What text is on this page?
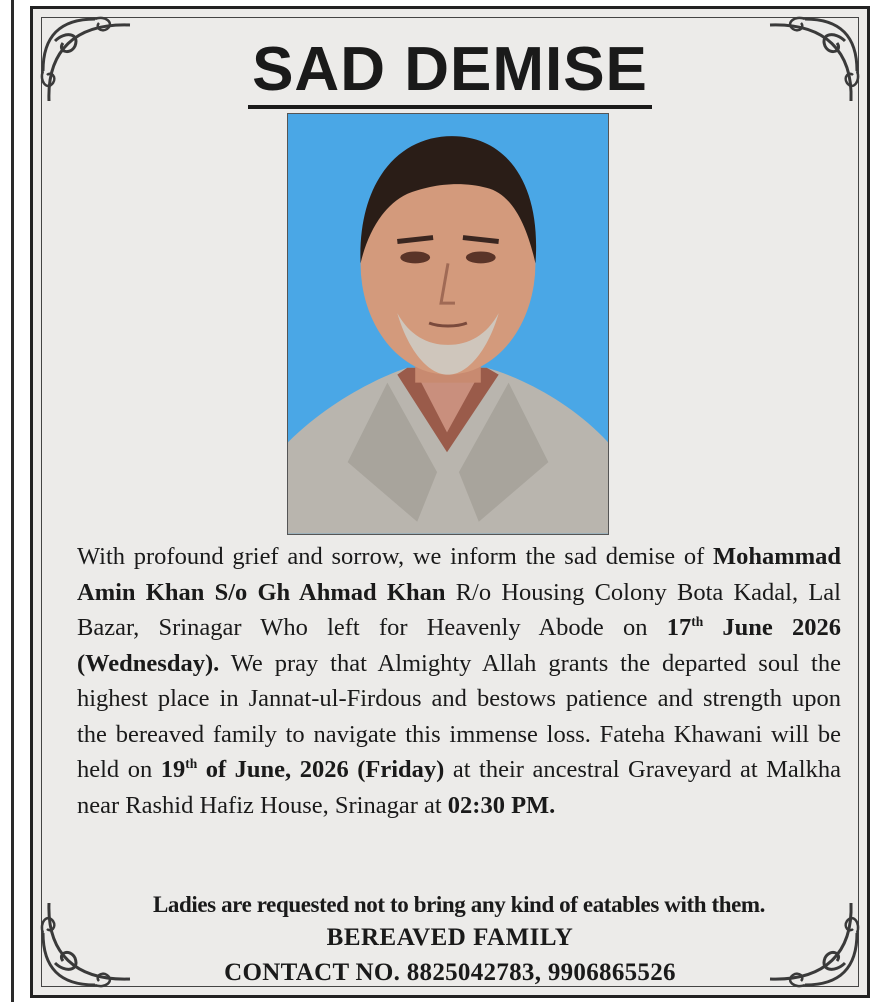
SAD DEMISE
With profound grief and sorrow, we inform the sad demise of Mohammad Amin Khan S/o Gh Ahmad Khan R/o Housing Colony Bota Kadal, Lal Bazar, Srinagar Who left for Heavenly Abode on 17th June 2026 (Wednesday). We pray that Almighty Allah grants the departed soul the highest place in Jannat-ul-Firdous and bestows patience and strength upon the bereaved family to navigate this immense loss. Fateha Khawani will be held on 19th of June, 2026 (Friday) at their ancestral Graveyard at Malkha near Rashid Hafiz House, Srinagar at 02:30 PM.
Ladies are requested not to bring any kind of eatables with them.
BEREAVED FAMILY
CONTACT NO. 8825042783, 9906865526
